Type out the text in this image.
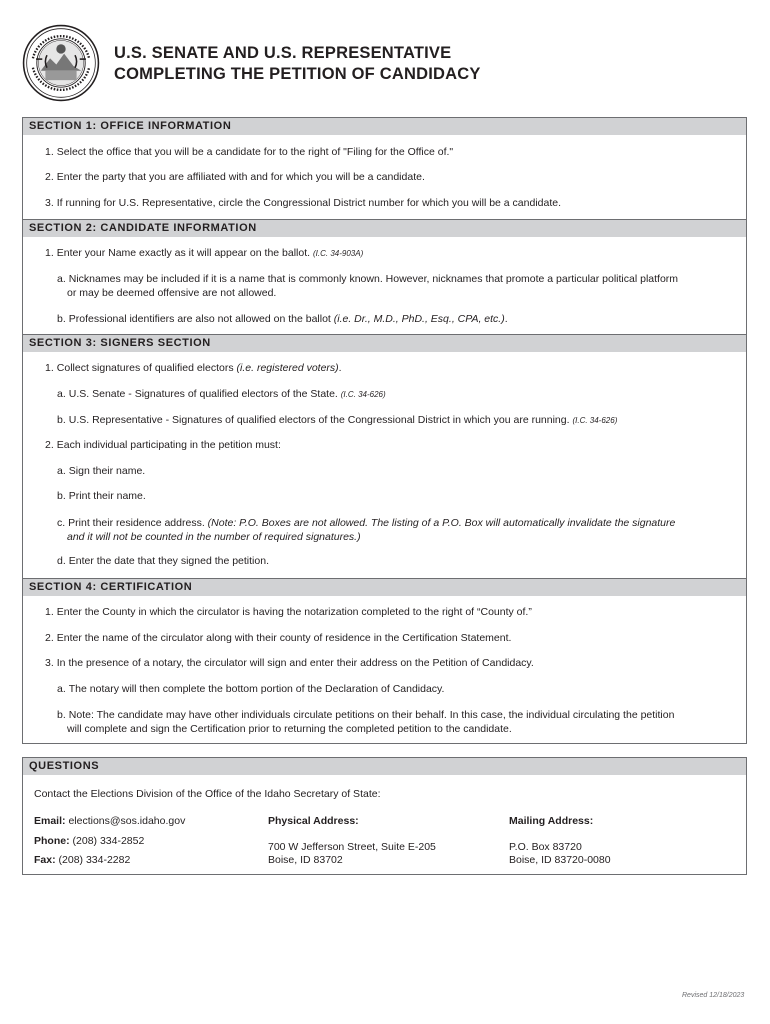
U.S. SENATE AND U.S. REPRESENTATIVE
COMPLETING THE PETITION OF CANDIDACY
SECTION 1: OFFICE INFORMATION
1. Select the office that you will be a candidate for to the right of "Filing for the Office of."
2. Enter the party that you are affiliated with and for which you will be a candidate.
3. If running for U.S. Representative, circle the Congressional District number for which you will be a candidate.
SECTION 2: CANDIDATE INFORMATION
1. Enter your Name exactly as it will appear on the ballot. (I.C. 34-903A)
a. Nicknames may be included if it is a name that is commonly known. However, nicknames that promote a particular political platform
or may be deemed offensive are not allowed.
b. Professional identifiers are also not allowed on the ballot (i.e. Dr., M.D., PhD., Esq., CPA, etc.).
SECTION 3: SIGNERS SECTION
1. Collect signatures of qualified electors (i.e. registered voters).
a. U.S. Senate - Signatures of qualified electors of the State. (I.C. 34-626)
b. U.S. Representative - Signatures of qualified electors of the Congressional District in which you are running. (I.C. 34-626)
2. Each individual participating in the petition must:
a. Sign their name.
b. Print their name.
c. Print their residence address. (Note: P.O. Boxes are not allowed. The listing of a P.O. Box will automatically invalidate the signature
and it will not be counted in the number of required signatures.)
d. Enter the date that they signed the petition.
SECTION 4: CERTIFICATION
1. Enter the County in which the circulator is having the notarization completed to the right of “County of.”
2. Enter the name of the circulator along with their county of residence in the Certification Statement.
3. In the presence of a notary, the circulator will sign and enter their address on the Petition of Candidacy.
a. The notary will then complete the bottom portion of the Declaration of Candidacy.
b. Note: The candidate may have other individuals circulate petitions on their behalf. In this case, the individual circulating the petition
will complete and sign the Certification prior to returning the completed petition to the candidate.
QUESTIONS
Contact the Elections Division of the Office of the Idaho Secretary of State:
Email: elections@sos.idaho.gov
Phone: (208) 334-2852
Fax: (208) 334-2282
Physical Address:
700 W Jefferson Street, Suite E-205
Boise, ID 83702
Mailing Address:
P.O. Box 83720
Boise, ID 83720-0080
Revised 12/18/2023
